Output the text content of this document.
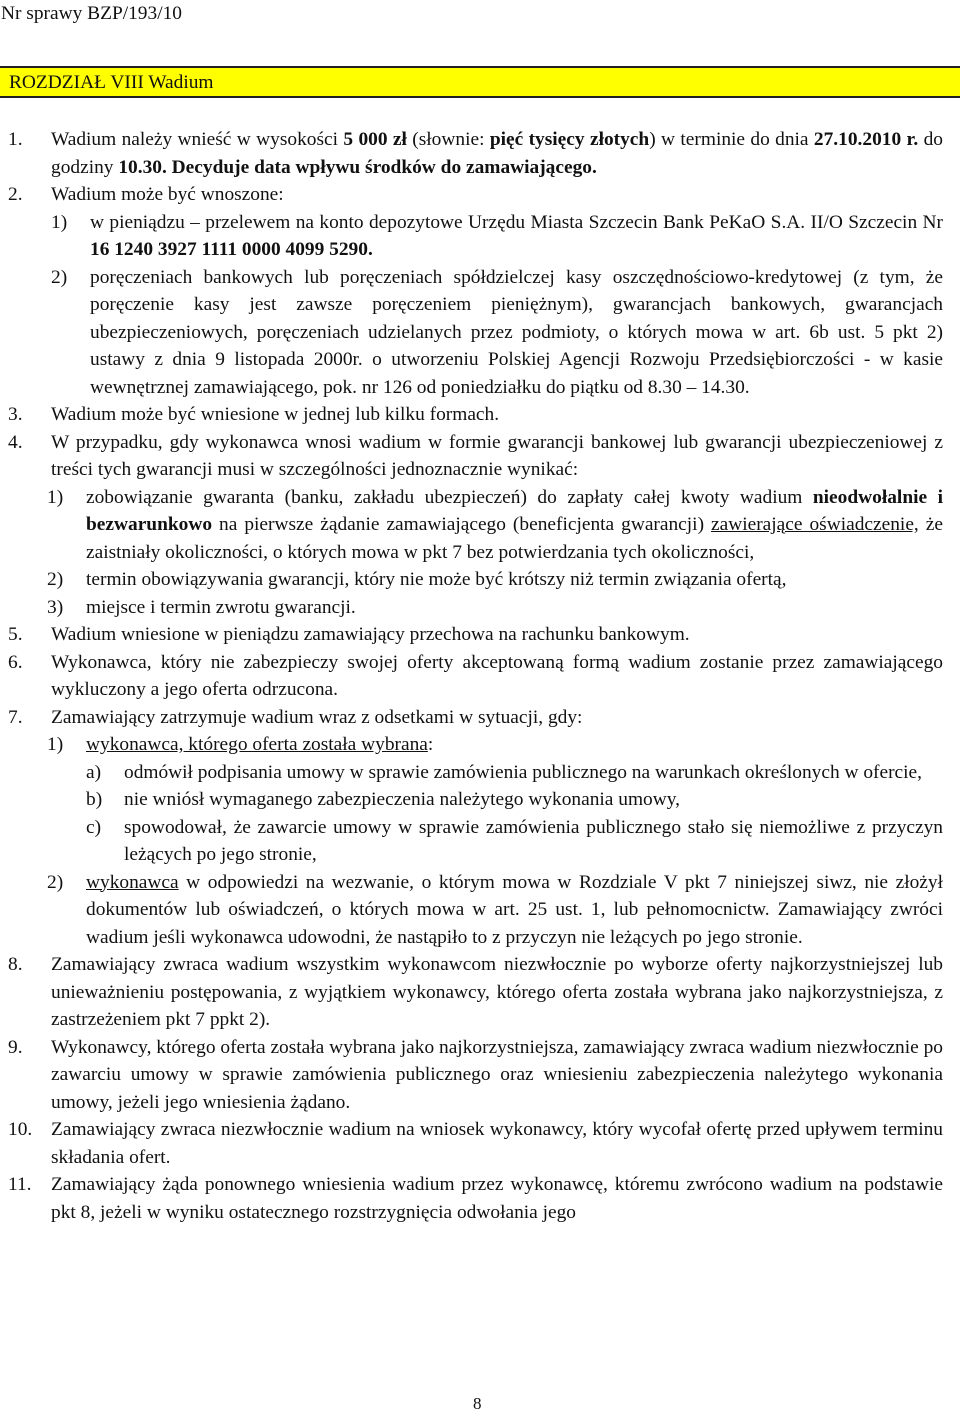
Nr sprawy BZP/193/10
ROZDZIAŁ VIII Wadium
1. Wadium należy wnieść w wysokości 5 000 zł (słownie: pięć tysięcy złotych) w terminie do dnia 27.10.2010 r. do godziny 10.30. Decyduje data wpływu środków do zamawiającego.
2. Wadium może być wnoszone:

1) w pieniądzu – przelewem na konto depozytowe Urzędu Miasta Szczecin Bank PeKaO S.A. II/O Szczecin Nr 16 1240 3927 1111 0000 4099 5290.
2) poręczeniach bankowych lub poręczeniach spółdzielczej kasy oszczędnościowo-kredytowej (z tym, że poręczenie kasy jest zawsze poręczeniem pieniężnym), gwarancjach bankowych, gwarancjach ubezpieczeniowych, poręczeniach udzielanych przez podmioty, o których mowa w art. 6b ust. 5 pkt 2) ustawy z dnia 9 listopada 2000r. o utworzeniu Polskiej Agencji Rozwoju Przedsiębiorczości - w kasie wewnętrznej zamawiającego, pok. nr 126 od poniedziałku do piątku od 8.30 – 14.30.
3. Wadium może być wniesione w jednej lub kilku formach.
4. W przypadku, gdy wykonawca wnosi wadium w formie gwarancji bankowej lub gwarancji ubezpieczeniowej z treści tych gwarancji musi w szczególności jednoznacznie wynikać:

1) zobowiązanie gwaranta (banku, zakładu ubezpieczeń) do zapłaty całej kwoty wadium nieodwołalnie i bezwarunkowo na pierwsze żądanie zamawiającego (beneficjenta gwarancji) zawierające oświadczenie, że zaistniały okoliczności, o których mowa w pkt 7 bez potwierdzania tych okoliczności,
2) termin obowiązywania gwarancji, który nie może być krótszy niż termin związania ofertą,
3) miejsce i termin zwrotu gwarancji.
5. Wadium wniesione w pieniądzu zamawiający przechowa na rachunku bankowym.
6. Wykonawca, który nie zabezpieczy swojej oferty akceptowaną formą wadium zostanie przez zamawiającego wykluczony a jego oferta odrzucona.
7. Zamawiający zatrzymuje wadium wraz z odsetkami w sytuacji, gdy:

1) wykonawca, którego oferta została wybrana:
a) odmówił podpisania umowy w sprawie zamówienia publicznego na warunkach określonych w ofercie,
b) nie wniósł wymaganego zabezpieczenia należytego wykonania umowy,
c) spowodował, że zawarcie umowy w sprawie zamówienia publicznego stało się niemożliwe z przyczyn leżących po jego stronie,
2) wykonawca w odpowiedzi na wezwanie, o którym mowa w Rozdziale V pkt 7 niniejszej siwz, nie złożył dokumentów lub oświadczeń, o których mowa w art. 25 ust. 1, lub pełnomocnictw. Zamawiający zwróci wadium jeśli wykonawca udowodni, że nastąpiło to z przyczyn nie leżących po jego stronie.
8. Zamawiający zwraca wadium wszystkim wykonawcom niezwłocznie po wyborze oferty najkorzystniejszej lub unieważnieniu postępowania, z wyjątkiem wykonawcy, którego oferta została wybrana jako najkorzystniejsza, z zastrzeżeniem pkt 7 ppkt 2).
9. Wykonawcy, którego oferta została wybrana jako najkorzystniejsza, zamawiający zwraca wadium niezwłocznie po zawarciu umowy w sprawie zamówienia publicznego oraz wniesieniu zabezpieczenia należytego wykonania umowy, jeżeli jego wniesienia żądano.
10. Zamawiający zwraca niezwłocznie wadium na wniosek wykonawcy, który wycofał ofertę przed upływem terminu składania ofert.
11. Zamawiający żąda ponownego wniesienia wadium przez wykonawcę, któremu zwrócono wadium na podstawie pkt 8, jeżeli w wyniku ostatecznego rozstrzygnięcia odwołania jego
8
